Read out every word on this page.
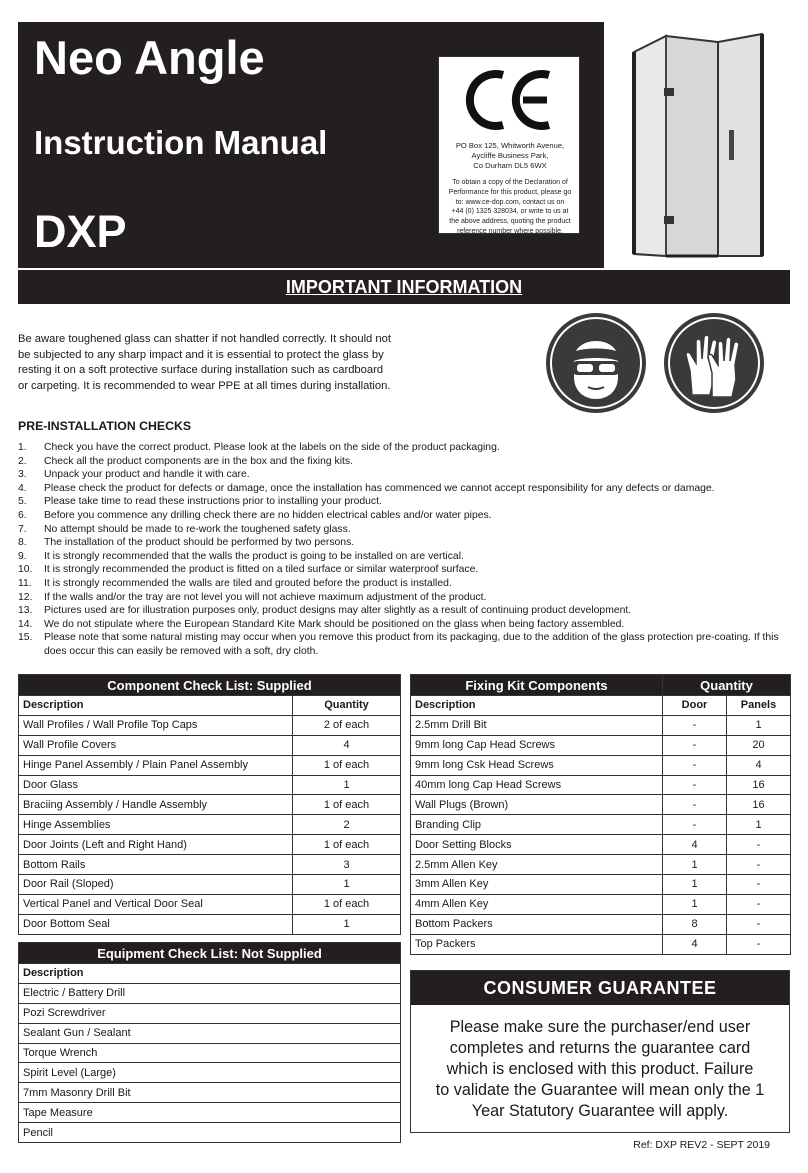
Neo Angle
Instruction Manual
DXP
PO Box 125, Whitworth Avenue,
Aycliffe Business Park,
Co Durham DL5 6WX
To obtain a copy of the Declaration of
Performance for this product, please go
to: www.ce-dop.com, contact us on
+44 (0) 1325 328034, or write to us at
the above address, quoting the product
reference number where possible.
IMPORTANT INFORMATION
Be aware toughened glass can shatter if not handled correctly. It should not
be subjected to any sharp impact and it is essential to protect the glass by
resting it on a soft protective surface during installation such as cardboard
or carpeting. It is recommended to wear PPE at all times during installation.
PRE-INSTALLATION CHECKS
1. Check you have the correct product. Please look at the labels on the side of the product packaging.
2. Check all the product components are in the box and the fixing kits.
3. Unpack your product and handle it with care.
4. Please check the product for defects or damage, once the installation has commenced we cannot accept responsibility for any defects or damage.
5. Please take time to read these instructions prior to installing your product.
6. Before you commence any drilling check there are no hidden electrical cables and/or water pipes.
7. No attempt should be made to re-work the toughened safety glass.
8. The installation of the product should be performed by two persons.
9. It is strongly recommended that the walls the product is going to be installed on are vertical.
10. It is strongly recommended the product is fitted on a tiled surface or similar waterproof surface.
11. It is strongly recommended the walls are tiled and grouted before the product is installed.
12. If the walls and/or the tray are not level you will not achieve maximum adjustment of the product.
13. Pictures used are for illustration purposes only, product designs may alter slightly as a result of continuing product development.
14. We do not stipulate where the European Standard Kite Mark should be positioned on the glass when being factory assembled.
15. Please note that some natural misting may occur when you remove this product from its packaging, due to the addition of the glass protection pre-coating. If this does occur this can easily be removed with a soft, dry cloth.
Component Check List: Supplied	
Description	Quantity
Wall Profiles / Wall Profile Top Caps	2 of each
Wall Profile Covers	4
Hinge Panel Assembly / Plain Panel Assembly	1 of each
Door Glass	1
Braciing Assembly / Handle Assembly	1 of each
Hinge Assemblies	2
Door Joints (Left and Right Hand)	1 of each
Bottom Rails	3
Door Rail (Sloped)	1
Vertical Panel and Vertical Door Seal	1 of each
Door Bottom Seal	1
Equipment Check List: Not Supplied
Description
Electric / Battery Drill
Pozi Screwdriver
Sealant Gun / Sealant
Torque Wrench
Spirit Level (Large)
7mm Masonry Drill Bit
Tape Measure
Pencil
Fixing Kit Components	Quantity	
Description	Door	Panels
2.5mm Drill Bit	-	1
9mm long Cap Head Screws	-	20
9mm long Csk Head Screws	-	4
40mm long Cap Head Screws	-	16
Wall Plugs (Brown)	-	16
Branding Clip	-	1
Door Setting Blocks	4	-
2.5mm Allen Key	1	-
3mm Allen Key	1	-
4mm Allen Key	1	-
Bottom Packers	8	-
Top Packers	4	-
CONSUMER GUARANTEE
Please make sure the purchaser/end user
completes and returns the guarantee card
which is enclosed with this product. Failure
to validate the Guarantee will mean only the 1
Year Statutory Guarantee will apply.
Ref: DXP REV2 - SEPT 2019
